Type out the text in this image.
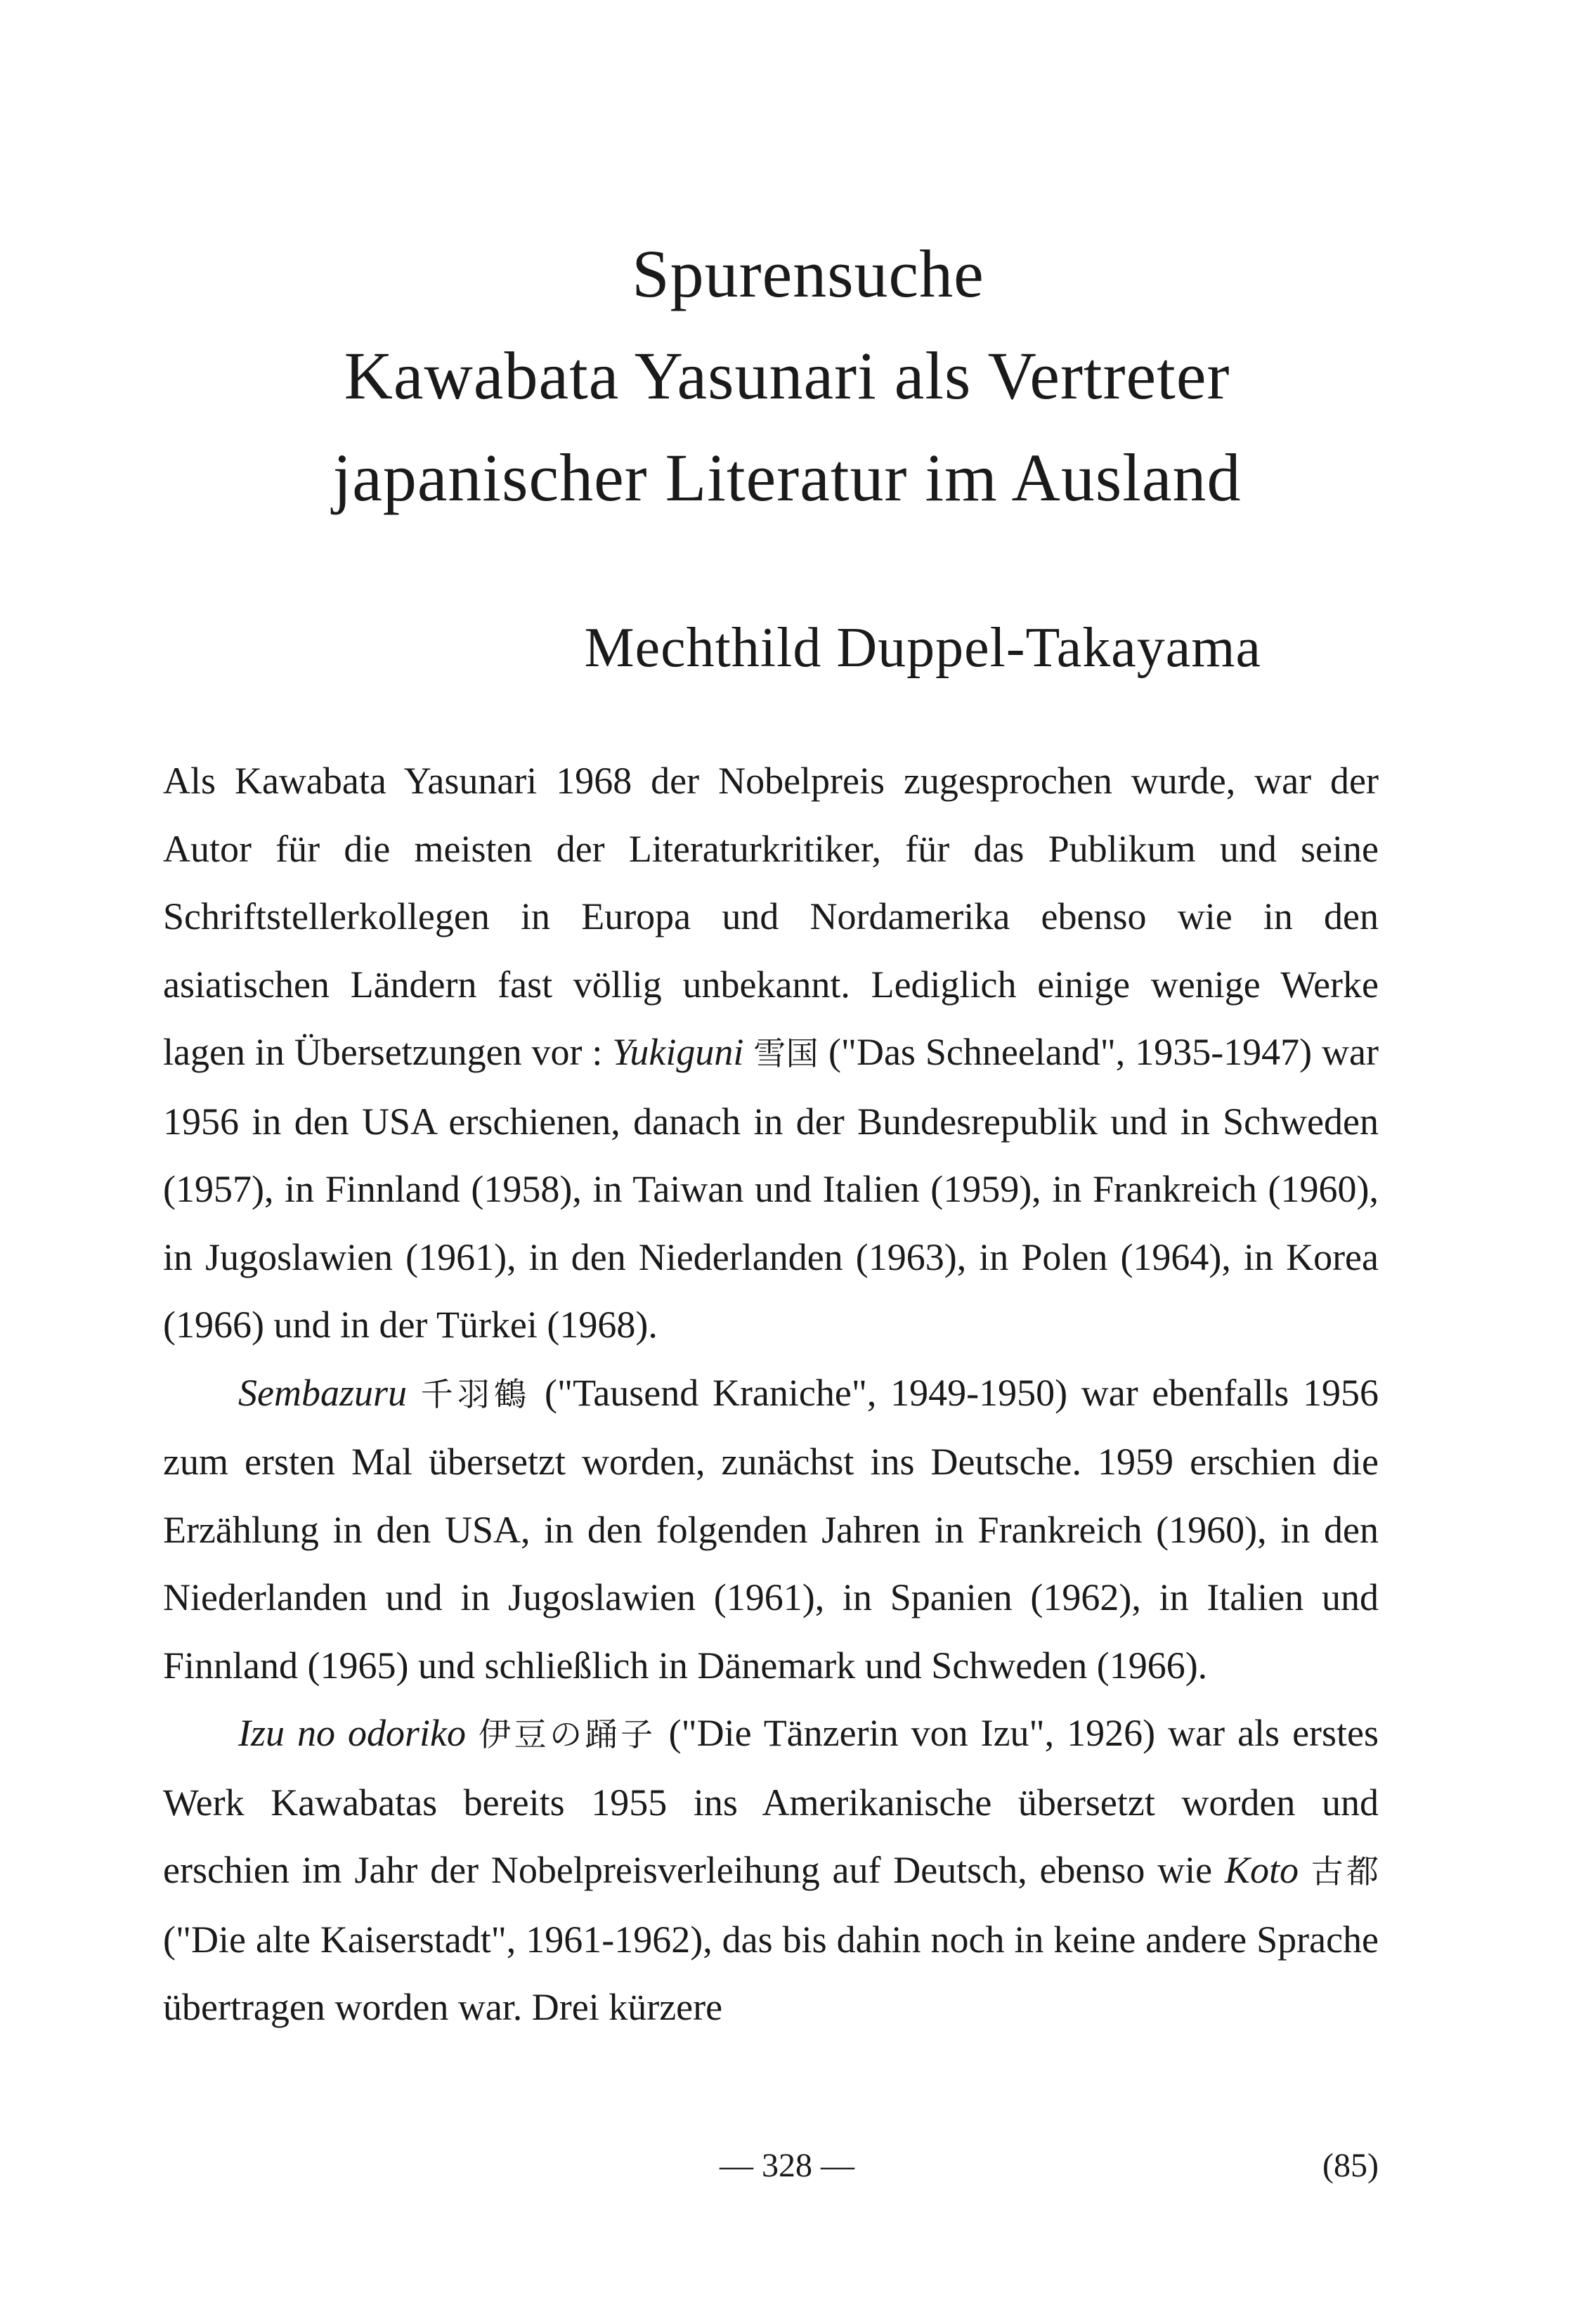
Spurensuche
Kawabata Yasunari als Vertreter
japanischer Literatur im Ausland
Mechthild Duppel-Takayama

Als Kawabata Yasunari 1968 der Nobelpreis zugesprochen wurde, war der Autor für die meisten der Literaturkritiker, für das Publikum und seine Schriftstellerkollegen in Europa und Nordamerika ebenso wie in den asiatischen Ländern fast völlig unbekannt. Lediglich einige wenige Werke lagen in Übersetzungen vor : Yukiguni 雪国 ("Das Schneeland", 1935-1947) war 1956 in den USA erschienen, danach in der Bundesrepublik und in Schweden (1957), in Finnland (1958), in Taiwan und Italien (1959), in Frankreich (1960), in Jugoslawien (1961), in den Niederlanden (1963), in Polen (1964), in Korea (1966) und in der Türkei (1968).

Sembazuru 千羽鶴 ("Tausend Kraniche", 1949-1950) war ebenfalls 1956 zum ersten Mal übersetzt worden, zunächst ins Deutsche. 1959 erschien die Erzählung in den USA, in den folgenden Jahren in Frankreich (1960), in den Niederlanden und in Jugoslawien (1961), in Spanien (1962), in Italien und Finnland (1965) und schließlich in Dänemark und Schweden (1966).

Izu no odoriko 伊豆の踊子 ("Die Tänzerin von Izu", 1926) war als erstes Werk Kawabatas bereits 1955 ins Amerikanische übersetzt worden und erschien im Jahr der Nobelpreisverleihung auf Deutsch, ebenso wie Koto 古都 ("Die alte Kaiserstadt", 1961-1962), das bis dahin noch in keine andere Sprache übertragen worden war. Drei kürzere

— 328 —	(85)
